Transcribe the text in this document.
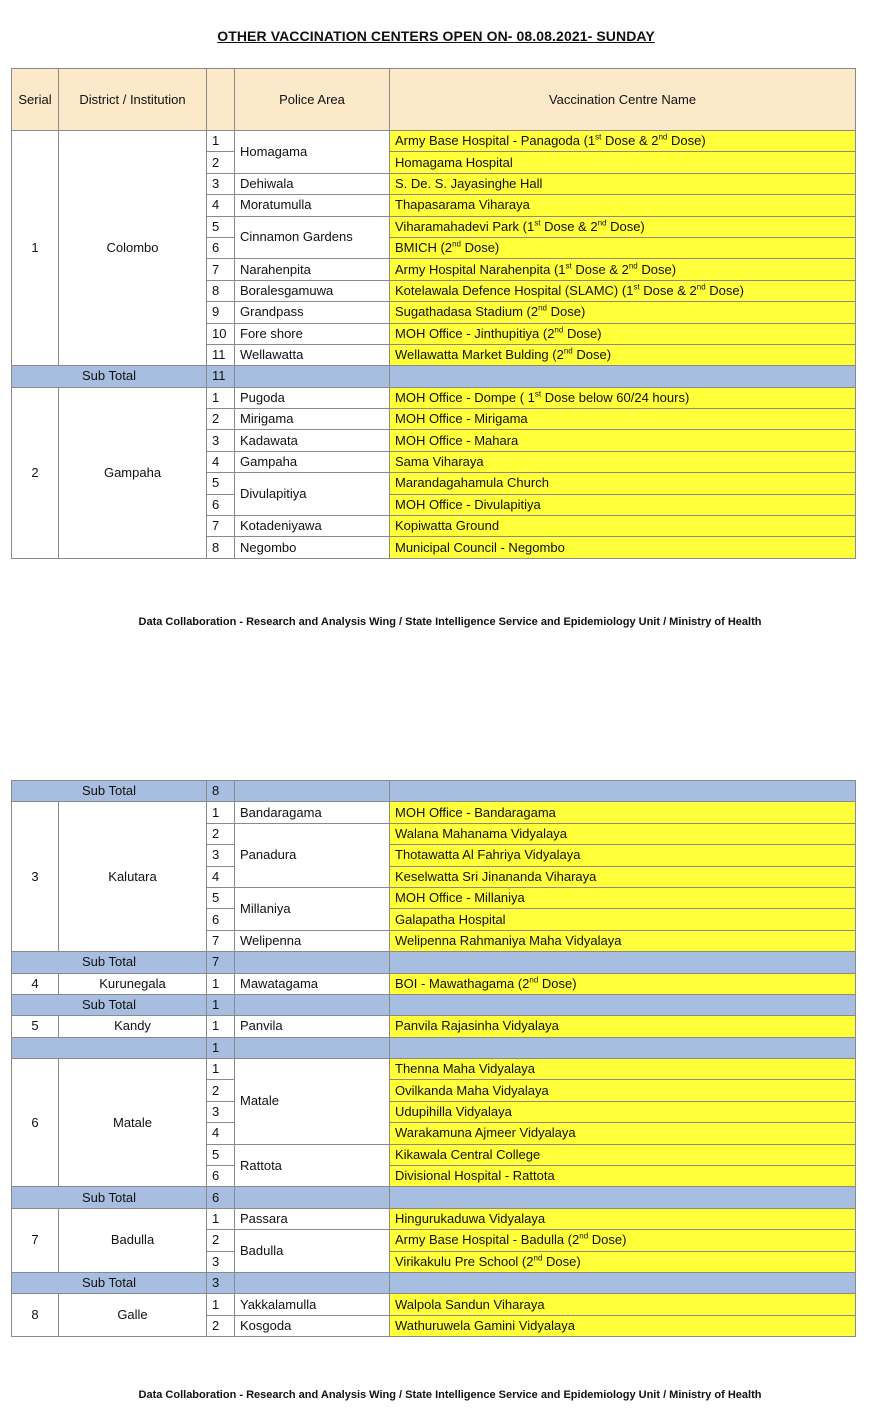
OTHER VACCINATION CENTERS OPEN ON- 08.08.2021- SUNDAY
Serial	District / Institution		Police Area	Vaccination Centre Name
1	Colombo	1	Homagama	Army Base Hospital - Panagoda (1st Dose & 2nd Dose)
		2		Homagama Hospital
		3	Dehiwala	S. De. S. Jayasinghe Hall
		4	Moratumulla	Thapasarama Viharaya
		5	Cinnamon Gardens	Viharamahadevi Park (1st Dose & 2nd Dose)
		6		BMICH (2nd Dose)
		7	Narahenpita	Army Hospital Narahenpita (1st Dose & 2nd Dose)
		8	Boralesgamuwa	Kotelawala Defence Hospital (SLAMC) (1st Dose & 2nd Dose)
		9	Grandpass	Sugathadasa Stadium (2nd Dose)
		10	Fore shore	MOH Office - Jinthupitiya (2nd Dose)
		11	Wellawatta	Wellawatta Market Bulding (2nd Dose)
Sub Total		11		
2	Gampaha	1	Pugoda	MOH Office - Dompe ( 1st Dose below 60/24 hours)
		2	Mirigama	MOH Office - Mirigama
		3	Kadawata	MOH Office - Mahara
		4	Gampaha	Sama Viharaya
		5	Divulapitiya	Marandagahamula Church
		6		MOH Office - Divulapitiya
		7	Kotadeniyawa	Kopiwatta Ground
		8	Negombo	Municipal Council - Negombo
Data Collaboration - Research and Analysis Wing / State Intelligence Service and Epidemiology Unit / Ministry of Health
Sub Total		8		
3	Kalutara	1	Bandaragama	MOH Office - Bandaragama
		2	Panadura	Walana Mahanama Vidyalaya
		3		Thotawatta Al Fahriya Vidyalaya
		4		Keselwatta Sri Jinananda Viharaya
		5	Millaniya	MOH Office - Millaniya
		6		Galapatha Hospital
		7	Welipenna	Welipenna Rahmaniya Maha Vidyalaya
Sub Total		7		
4	Kurunegala	1	Mawatagama	BOI - Mawathagama (2nd Dose)
Sub Total		1		
5	Kandy	1	Panvila	Panvila Rajasinha Vidyalaya
		1		
6	Matale	1	Matale	Thenna Maha Vidyalaya
		2		Ovilkanda Maha Vidyalaya
		3		Udupihilla Vidyalaya
		4		Warakamuna Ajmeer Vidyalaya
		5	Rattota	Kikawala Central College
		6		Divisional Hospital - Rattota
Sub Total		6		
7	Badulla	1	Passara	Hingurukaduwa Vidyalaya
		2	Badulla	Army Base Hospital - Badulla (2nd Dose)
		3		Virikakulu Pre School (2nd Dose)
Sub Total		3		
8	Galle	1	Yakkalamulla	Walpola Sandun Viharaya
		2	Kosgoda	Wathuruwela Gamini Vidyalaya
Data Collaboration - Research and Analysis Wing / State Intelligence Service and Epidemiology Unit / Ministry of Health
